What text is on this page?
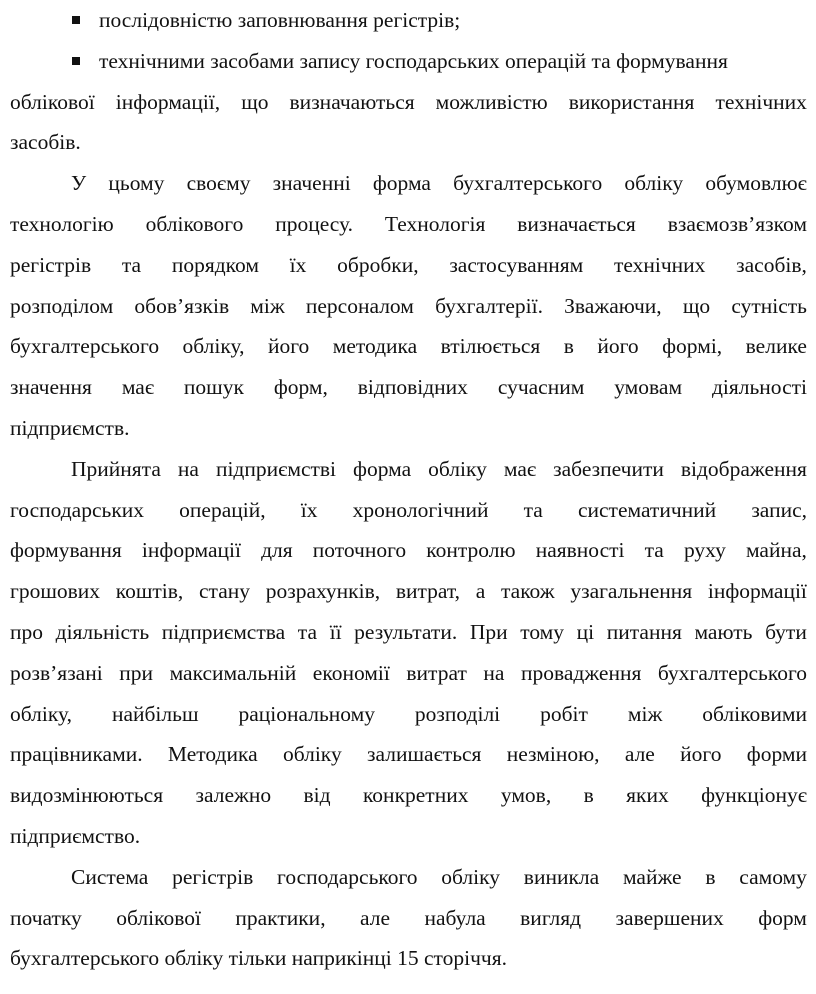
послідовністю заповнювання регістрів;
технічними засобами запису господарських операцій та формування
облікової інформації, що визначаються можливістю використання технічних
засобів.
У цьому своєму значенні форма бухгалтерського обліку обумовлює
технологію облікового процесу. Технологія визначається взаємозв’язком
регістрів та порядком їх обробки, застосуванням технічних засобів,
розподілом обов’язків між персоналом бухгалтерії. Зважаючи, що сутність
бухгалтерського обліку, його методика втілюється в його формі, велике
значення має пошук форм, відповідних сучасним умовам діяльності
підприємств.
Прийнята на підприємстві форма обліку має забезпечити відображення
господарських операцій, їх хронологічний та систематичний запис,
формування інформації для поточного контролю наявності та руху майна,
грошових коштів, стану розрахунків, витрат, а також узагальнення інформації
про діяльність підприємства та її результати. При тому ці питання мають бути
розв’язані при максимальній економії витрат на провадження бухгалтерського
обліку, найбільш раціональному розподілі робіт між обліковими
працівниками. Методика обліку залишається незміною, але його форми
видозмінюються залежно від конкретних умов, в яких функціонує
підприємство.
Система регістрів господарського обліку виникла майже в самому
початку облікової практики, але набула вигляд завершених форм
бухгалтерського обліку тільки наприкінці 15 сторіччя.
